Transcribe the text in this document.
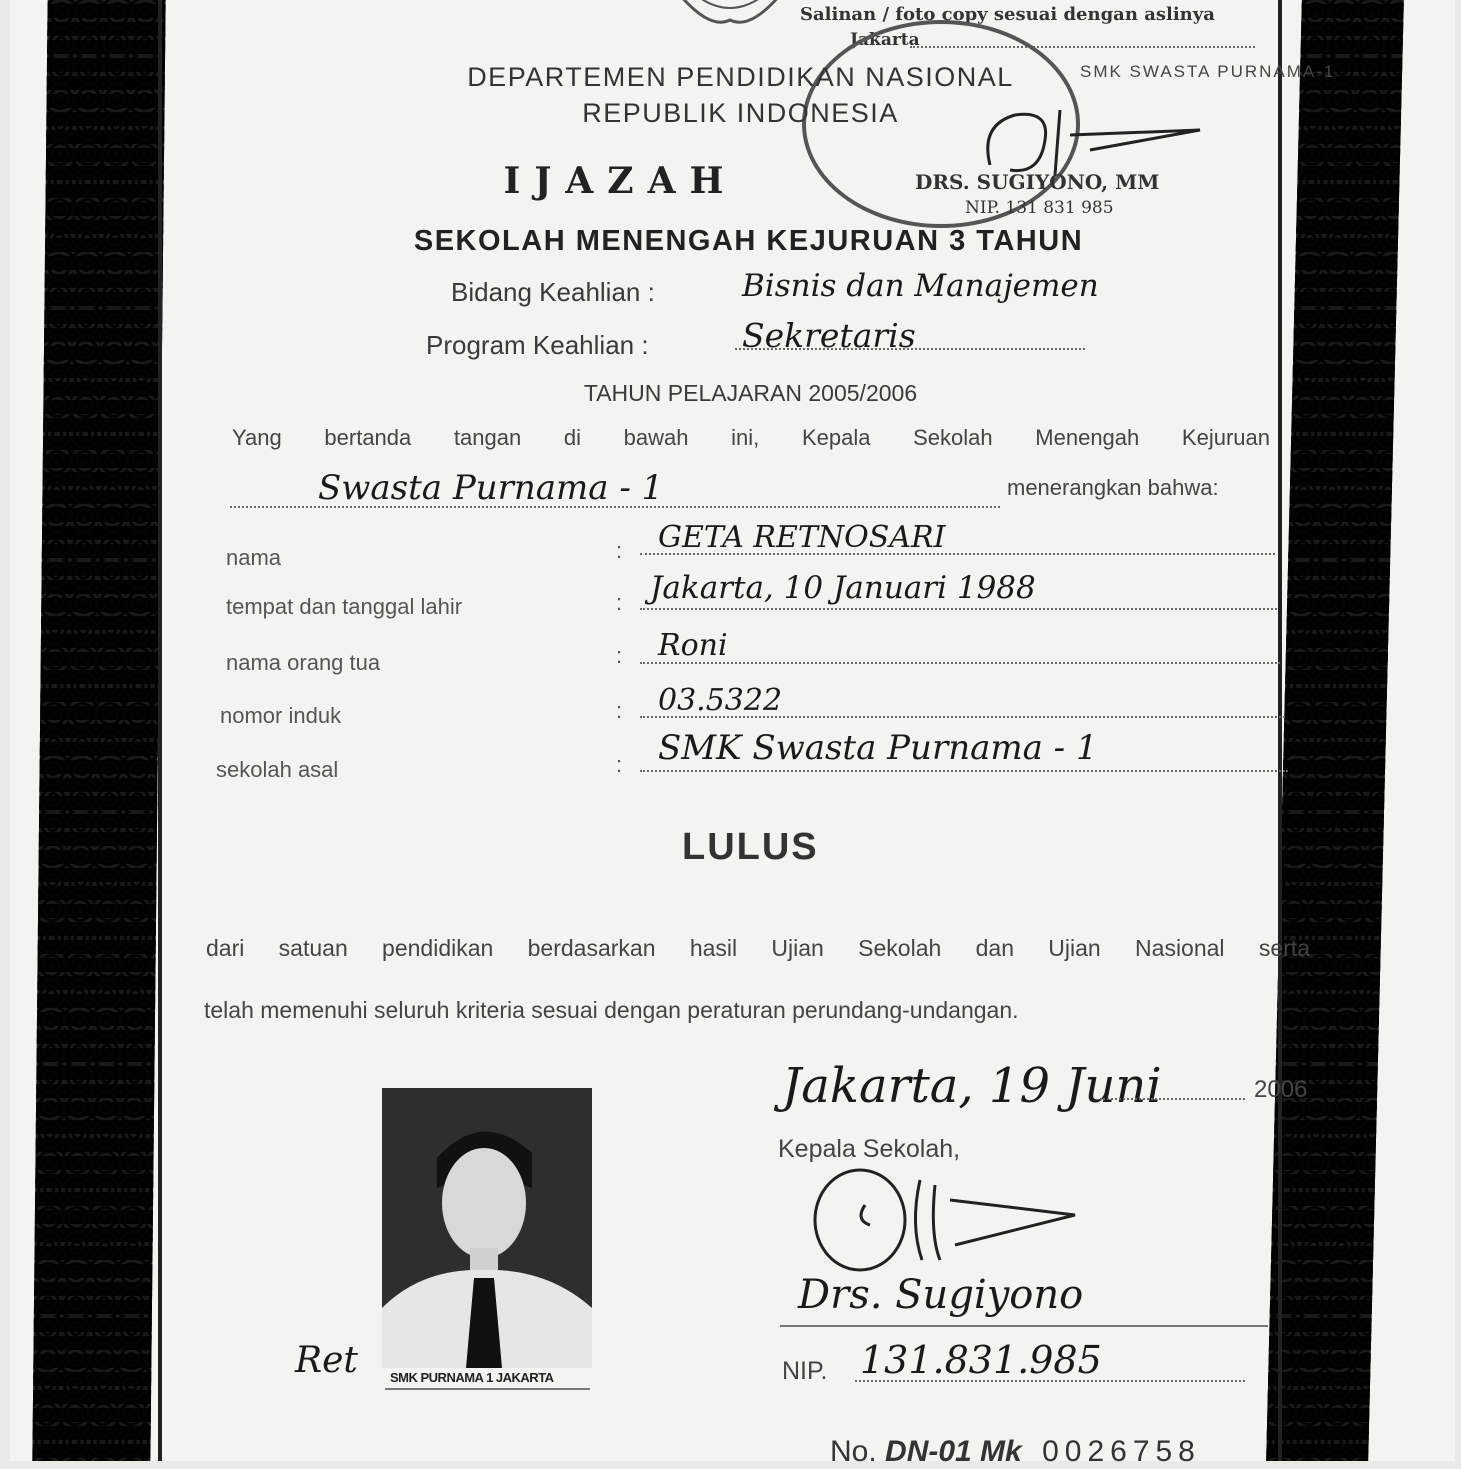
Salinan / foto copy sesuai dengan aslinya
Jakarta
SMK SWASTA PURNAMA-1
DEPARTEMEN PENDIDIKAN NASIONAL
REPUBLIK INDONESIA
IJAZAH	DRS. SUGIYONO, MM
NIP. 131 831 985
SEKOLAH MENENGAH KEJURUAN 3 TAHUN
Bidang Keahlian :	Bisnis dan Manajemen
Program Keahlian :	Sekretaris
TAHUN PELAJARAN 2005/2006
Yang bertanda tangan di bawah ini, Kepala Sekolah Menengah Kejuruan
Swasta Purnama - 1	menerangkan bahwa:
nama	: GETA RETNOSARI
tempat dan tanggal lahir	: Jakarta, 10 Januari 1988
nama orang tua	: Roni
nomor induk	: 03.5322
sekolah asal	: SMK Swasta Purnama - 1
LULUS
dari satuan pendidikan berdasarkan hasil Ujian Sekolah dan Ujian Nasional serta
telah memenuhi seluruh kriteria sesuai dengan peraturan perundang-undangan.
Jakarta, 19 Juni	2006
Kepala Sekolah,
Drs. Sugiyono
NIP. 131.831.985
SMK PURNAMA 1 JAKARTA
Ret
No. DN-01 Mk 0026758
